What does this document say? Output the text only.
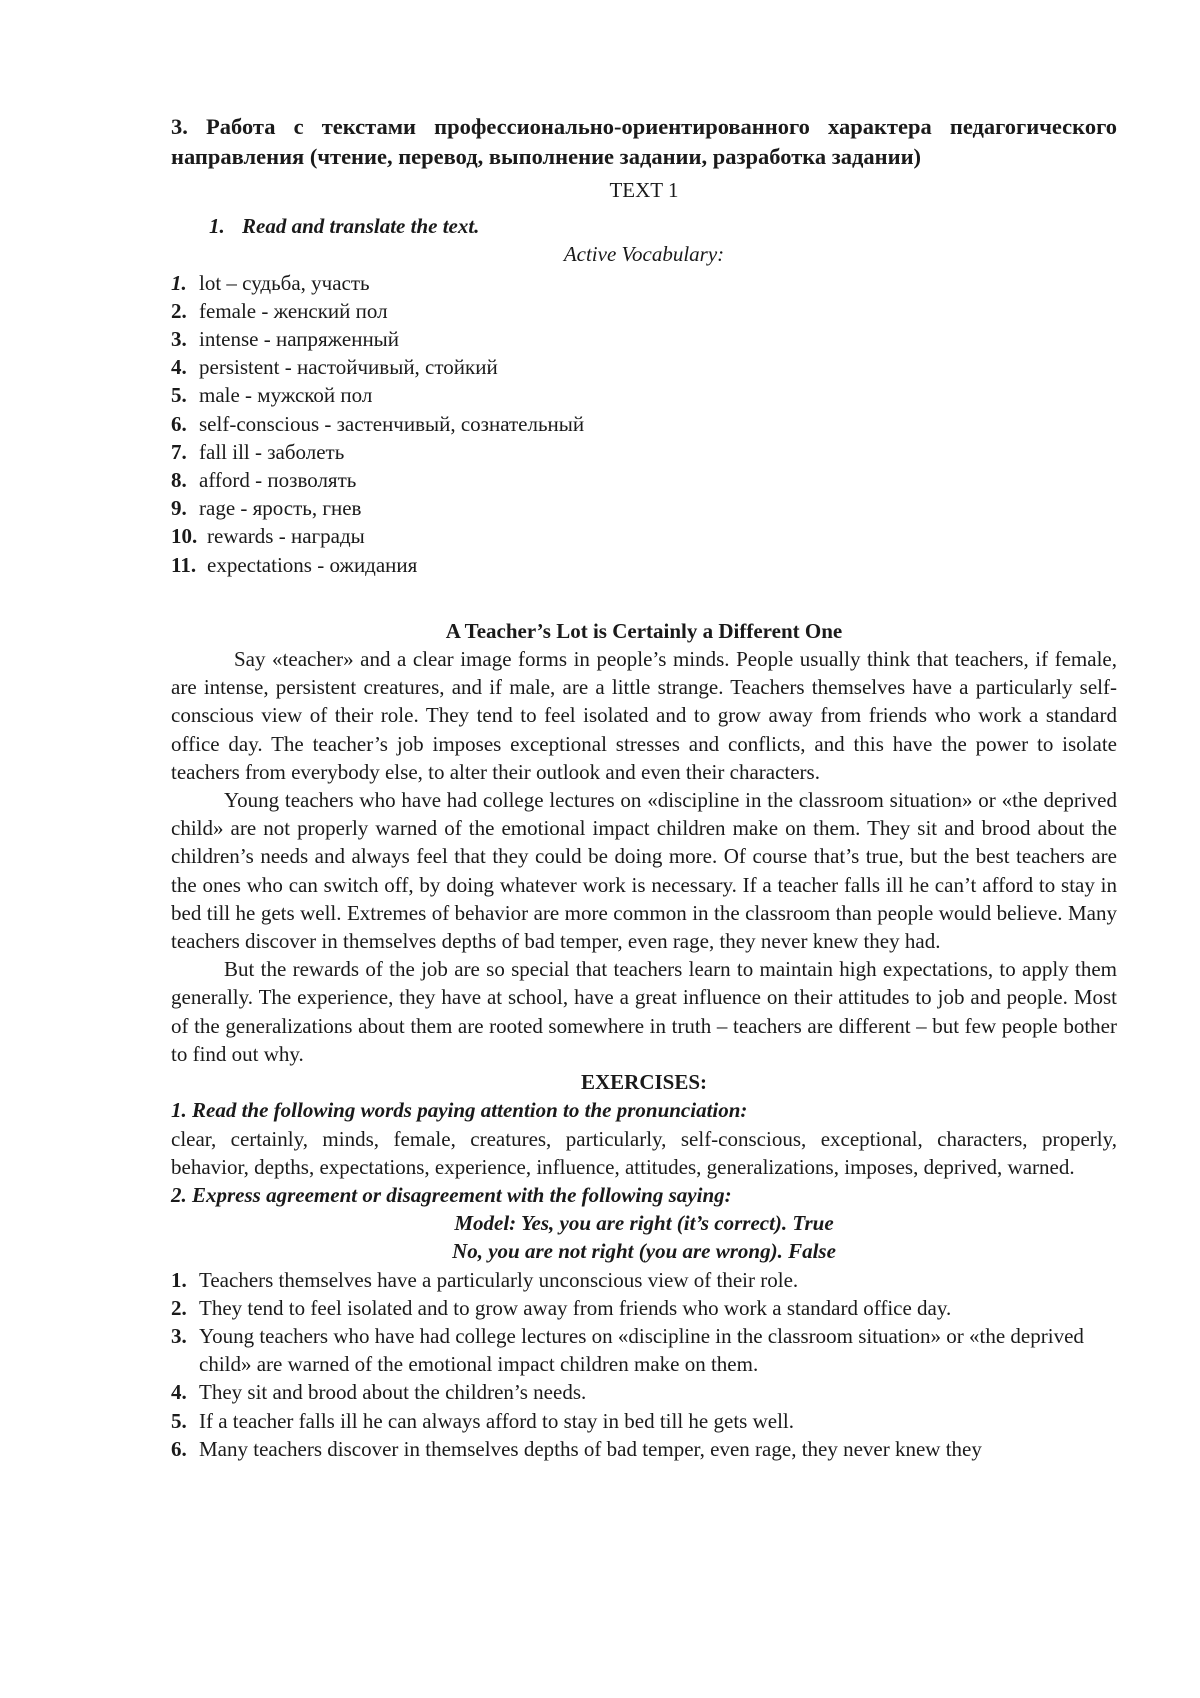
3. Работа с текстами профессионально-ориентированного характера педагогического направления (чтение, перевод, выполнение задании, разработка задании)

TEXT 1

1. Read and translate the text.

Active Vocabulary:

1. lot – судьба, участь
2. female - женский пол
3. intense - напряженный
4. persistent - настойчивый, стойкий
5. male - мужской пол
6. self-conscious - застенчивый, сознательный
7. fall ill - заболеть
8. afford - позволять
9. rage - ярость, гнев
10. rewards - награды
11. expectations - ожидания

A Teacher’s Lot is Certainly a Different One

Say «teacher» and a clear image forms in people’s minds. People usually think that teachers, if female, are intense, persistent creatures, and if male, are a little strange. Teachers themselves have a particularly self-conscious view of their role. They tend to feel isolated and to grow away from friends who work a standard office day. The teacher’s job imposes exceptional stresses and conflicts, and this have the power to isolate teachers from everybody else, to alter their outlook and even their characters.

Young teachers who have had college lectures on «discipline in the classroom situation» or «the deprived child» are not properly warned of the emotional impact children make on them. They sit and brood about the children’s needs and always feel that they could be doing more. Of course that’s true, but the best teachers are the ones who can switch off, by doing whatever work is necessary. If a teacher falls ill he can’t afford to stay in bed till he gets well. Extremes of behavior are more common in the classroom than people would believe. Many teachers discover in themselves depths of bad temper, even rage, they never knew they had.

But the rewards of the job are so special that teachers learn to maintain high expectations, to apply them generally. The experience, they have at school, have a great influence on their attitudes to job and people. Most of the generalizations about them are rooted somewhere in truth – teachers are different – but few people bother to find out why.

EXERCISES:

1. Read the following words paying attention to the pronunciation:

clear, certainly, minds, female, creatures, particularly, self-conscious, exceptional, characters, properly, behavior, depths, expectations, experience, influence, attitudes, generalizations, imposes, deprived, warned.

2. Express agreement or disagreement with the following saying:

Model: Yes, you are right (it’s correct). True

No, you are not right (you are wrong). False

1. Teachers themselves have a particularly unconscious view of their role.
2. They tend to feel isolated and to grow away from friends who work a standard office day.
3. Young teachers who have had college lectures on «discipline in the classroom situation» or «the deprived child» are warned of the emotional impact children make on them.
4. They sit and brood about the children’s needs.
5. If a teacher falls ill he can always afford to stay in bed till he gets well.
6. Many teachers discover in themselves depths of bad temper, even rage, they never knew they
